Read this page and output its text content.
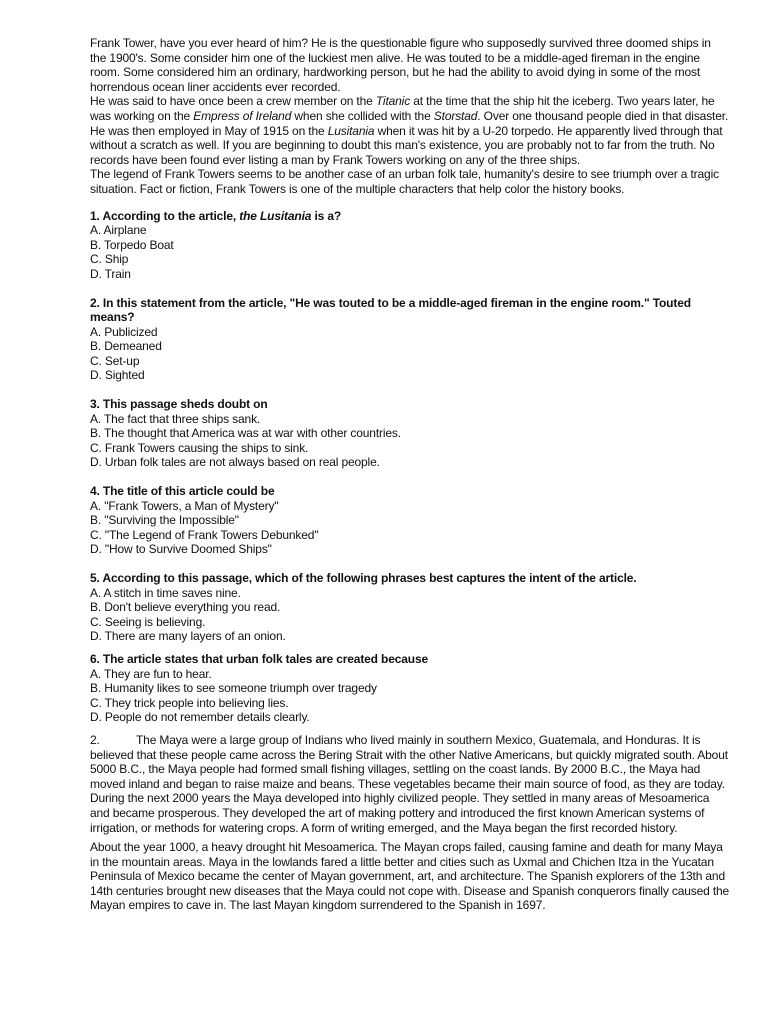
Frank Tower, have you ever heard of him? He is the questionable figure who supposedly survived three doomed ships in the 1900's. Some consider him one of the luckiest men alive. He was touted to be a middle-aged fireman in the engine room. Some considered him an ordinary, hardworking person, but he had the ability to avoid dying in some of the most horrendous ocean liner accidents ever recorded.

He was said to have once been a crew member on the Titanic at the time that the ship hit the iceberg. Two years later, he was working on the Empress of Ireland when she collided with the Storstad. Over one thousand people died in that disaster. He was then employed in May of 1915 on the Lusitania when it was hit by a U-20 torpedo. He apparently lived through that without a scratch as well. If you are beginning to doubt this man's existence, you are probably not to far from the truth. No records have been found ever listing a man by Frank Towers working on any of the three ships.

The legend of Frank Towers seems to be another case of an urban folk tale, humanity's desire to see triumph over a tragic situation. Fact or fiction, Frank Towers is one of the multiple characters that help color the history books.

1. According to the article, the Lusitania is a?

A. Airplane

B. Torpedo Boat

C. Ship

D. Train

2. In this statement from the article, "He was touted to be a middle-aged fireman in the engine room." Touted means?

A. Publicized

B. Demeaned

C. Set-up

D. Sighted

3. This passage sheds doubt on

A. The fact that three ships sank.

B. The thought that America was at war with other countries.

C. Frank Towers causing the ships to sink.

D. Urban folk tales are not always based on real people.

4. The title of this article could be

A. "Frank Towers, a Man of Mystery"

B. "Surviving the Impossible"

C. "The Legend of Frank Towers Debunked"

D. "How to Survive Doomed Ships"

5. According to this passage, which of the following phrases best captures the intent of the article.

A. A stitch in time saves nine.

B. Don't believe everything you read.

C. Seeing is believing.

D. There are many layers of an onion.

6. The article states that urban folk tales are created because

A. They are fun to hear.

B. Humanity likes to see someone triumph over tragedy

C. They trick people into believing lies.

D. People do not remember details clearly.

2.	The Maya were a large group of Indians who lived mainly in southern Mexico, Guatemala, and Honduras. It is believed that these people came across the Bering Strait with the other Native Americans, but quickly migrated south. About 5000 B.C., the Maya people had formed small fishing villages, settling on the coast lands. By 2000 B.C., the Maya had moved inland and began to raise maize and beans. These vegetables became their main source of food, as they are today. During the next 2000 years the Maya developed into highly civilized people. They settled in many areas of Mesoamerica and became prosperous. They developed the art of making pottery and introduced the first known American systems of irrigation, or methods for watering crops. A form of writing emerged, and the Maya began the first recorded history.

About the year 1000, a heavy drought hit Mesoamerica. The Mayan crops failed, causing famine and death for many Maya in the mountain areas. Maya in the lowlands fared a little better and cities such as Uxmal and Chichen Itza in the Yucatan Peninsula of Mexico became the center of Mayan government, art, and architecture. The Spanish explorers of the 13th and 14th centuries brought new diseases that the Maya could not cope with. Disease and Spanish conquerors finally caused the Mayan empires to cave in. The last Mayan kingdom surrendered to the Spanish in 1697.
